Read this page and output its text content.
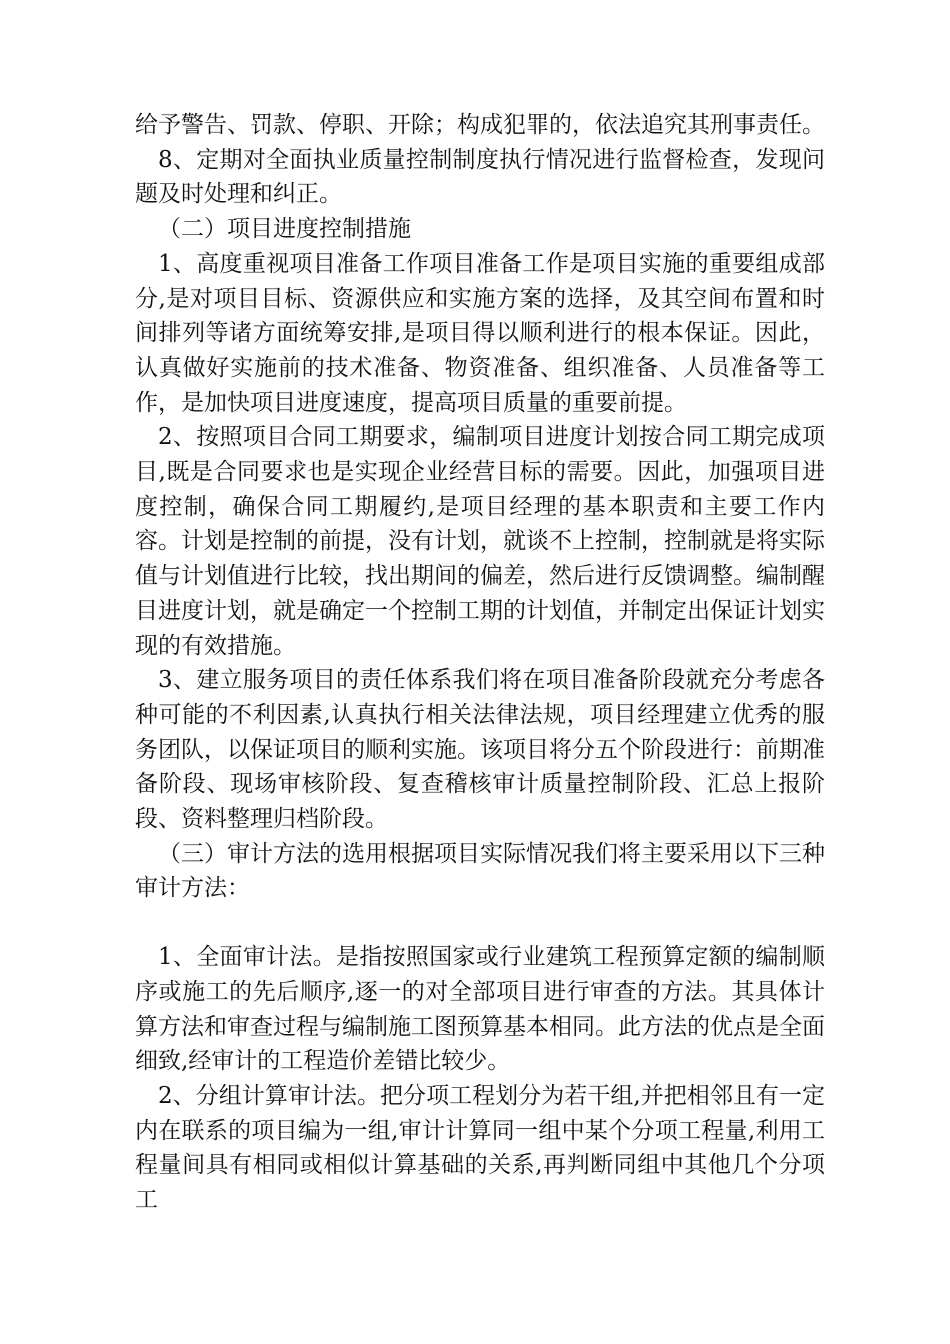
给予警告、罚款、停职、开除；构成犯罪的，依法追究其刑事责任。

8、定期对全面执业质量控制制度执行情况进行监督检查，发现问题及时处理和纠正。

（二）项目进度控制措施

1、高度重视项目准备工作项目准备工作是项目实施的重要组成部分,是对项目目标、资源供应和实施方案的选择，及其空间布置和时间排列等诸方面统筹安排,是项目得以顺利进行的根本保证。因此，认真做好实施前的技术准备、物资准备、组织准备、人员准备等工作，是加快项目进度速度，提高项目质量的重要前提。

2、按照项目合同工期要求，编制项目进度计划按合同工期完成项目,既是合同要求也是实现企业经营目标的需要。因此，加强项目进度控制，确保合同工期履约,是项目经理的基本职责和主要工作内容。计划是控制的前提，没有计划，就谈不上控制，控制就是将实际值与计划值进行比较，找出期间的偏差，然后进行反馈调整。编制醒目进度计划，就是确定一个控制工期的计划值，并制定出保证计划实现的有效措施。

3、建立服务项目的责任体系我们将在项目准备阶段就充分考虑各种可能的不利因素,认真执行相关法律法规，项目经理建立优秀的服务团队，以保证项目的顺利实施。该项目将分五个阶段进行：前期准备阶段、现场审核阶段、复查稽核审计质量控制阶段、汇总上报阶段、资料整理归档阶段。

（三）审计方法的选用根据项目实际情况我们将主要采用以下三种审计方法：

1、全面审计法。是指按照国家或行业建筑工程预算定额的编制顺序或施工的先后顺序,逐一的对全部项目进行审查的方法。其具体计算方法和审查过程与编制施工图预算基本相同。此方法的优点是全面细致,经审计的工程造价差错比较少。

2、分组计算审计法。把分项工程划分为若干组,并把相邻且有一定内在联系的项目编为一组,审计计算同一组中某个分项工程量,利用工程量间具有相同或相似计算基础的关系,再判断同组中其他几个分项工
